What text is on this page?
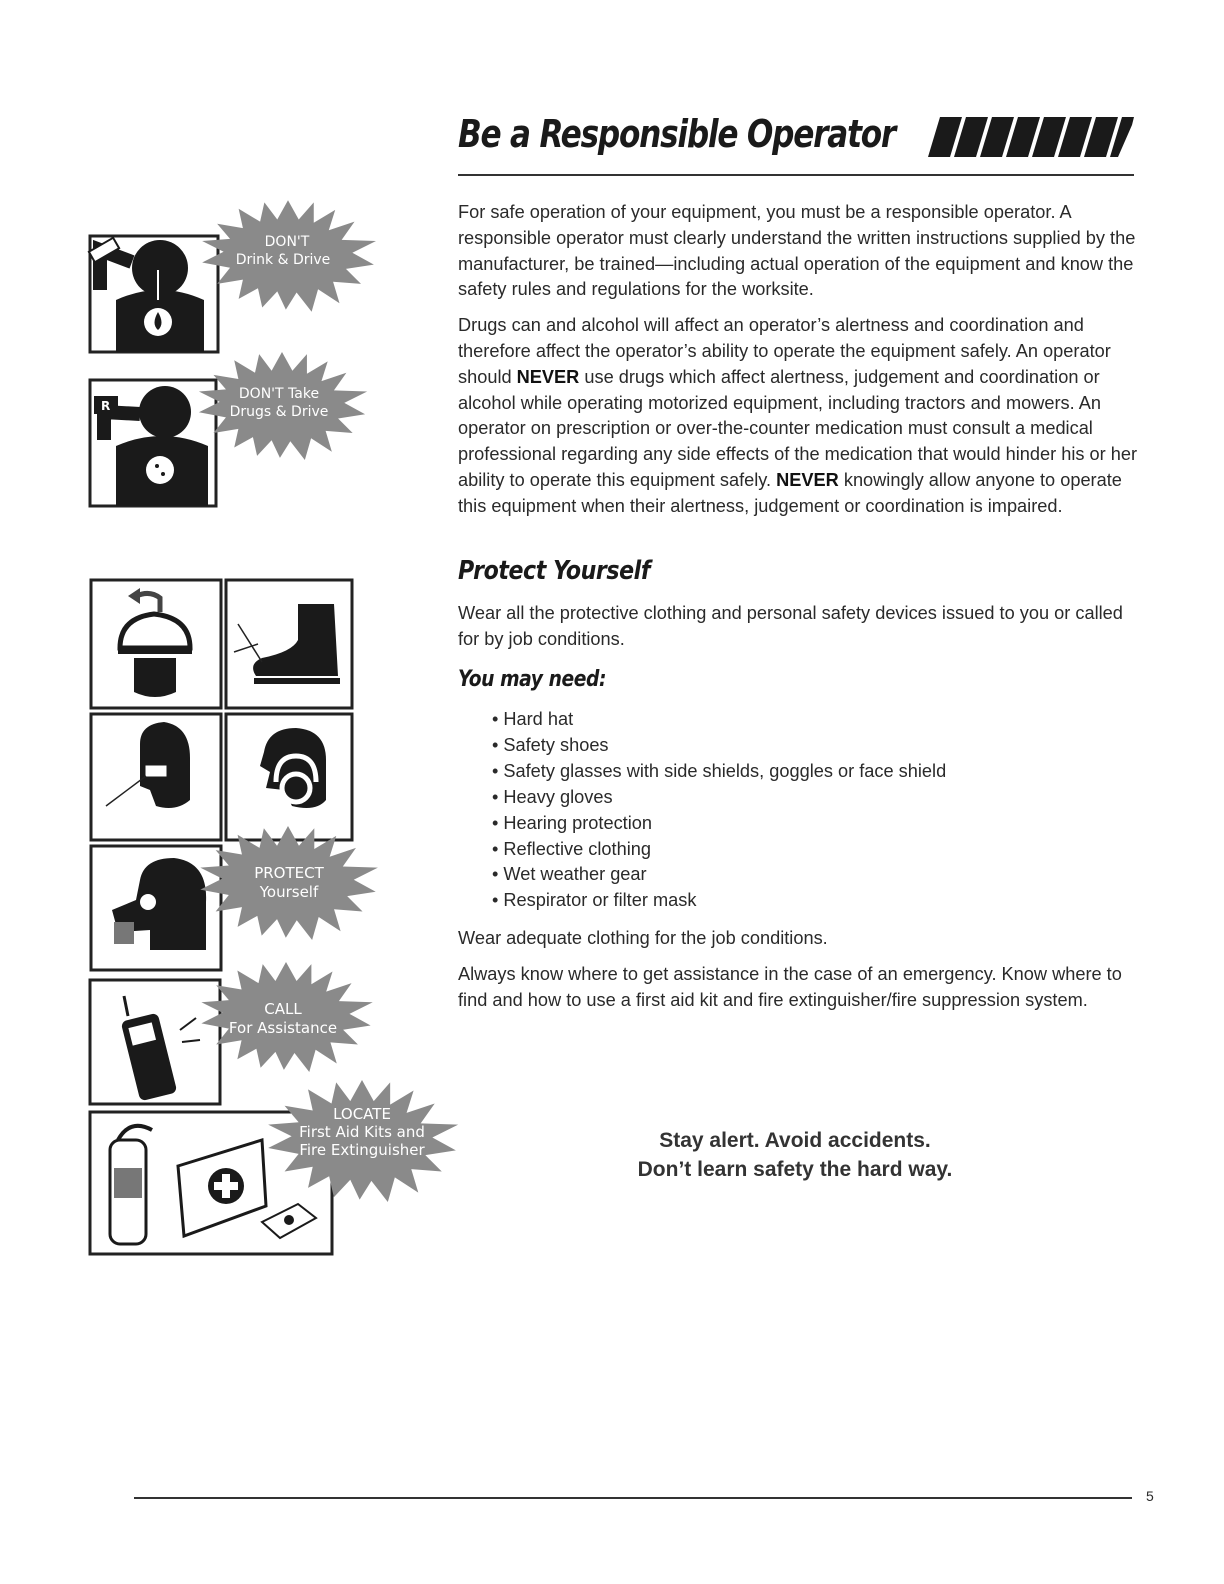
Be a Responsible Operator

For safe operation of your equipment, you must be a responsible operator. A responsible operator must clearly understand the written instructions supplied by the manufacturer, be trained—including actual operation of the equipment and know the safety rules and regulations for the worksite.

Drugs can and alcohol will affect an operator’s alertness and coordination and therefore affect the operator’s ability to operate the equipment safely. An operator should NEVER use drugs which affect alertness, judgement and coordination or alcohol while operating motorized equipment, including tractors and mowers. An operator on prescription or over-the-counter medication must consult a medical professional regarding any side effects of the medication that would hinder his or her ability to operate this equipment safely. NEVER knowingly allow anyone to operate this equipment when their alertness, judgement or coordination is impaired.

Protect Yourself

Wear all the protective clothing and personal safety devices issued to you or called for by job conditions.

You may need:
• Hard hat
• Safety shoes
• Safety glasses with side shields, goggles or face shield
• Heavy gloves
• Hearing protection
• Reflective clothing
• Wet weather gear
• Respirator or filter mask

Wear adequate clothing for the job conditions.

Always know where to get assistance in the case of an emergency. Know where to find and how to use a first aid kit and fire extinguisher/fire suppression system.

Stay alert. Avoid accidents.
Don’t learn safety the hard way.
DON'T
Drink & Drive
R
DON'T Take
Drugs & Drive
PROTECT
Yourself
CALL
For Assistance
LOCATE
First Aid Kits and
Fire Extinguisher
5
